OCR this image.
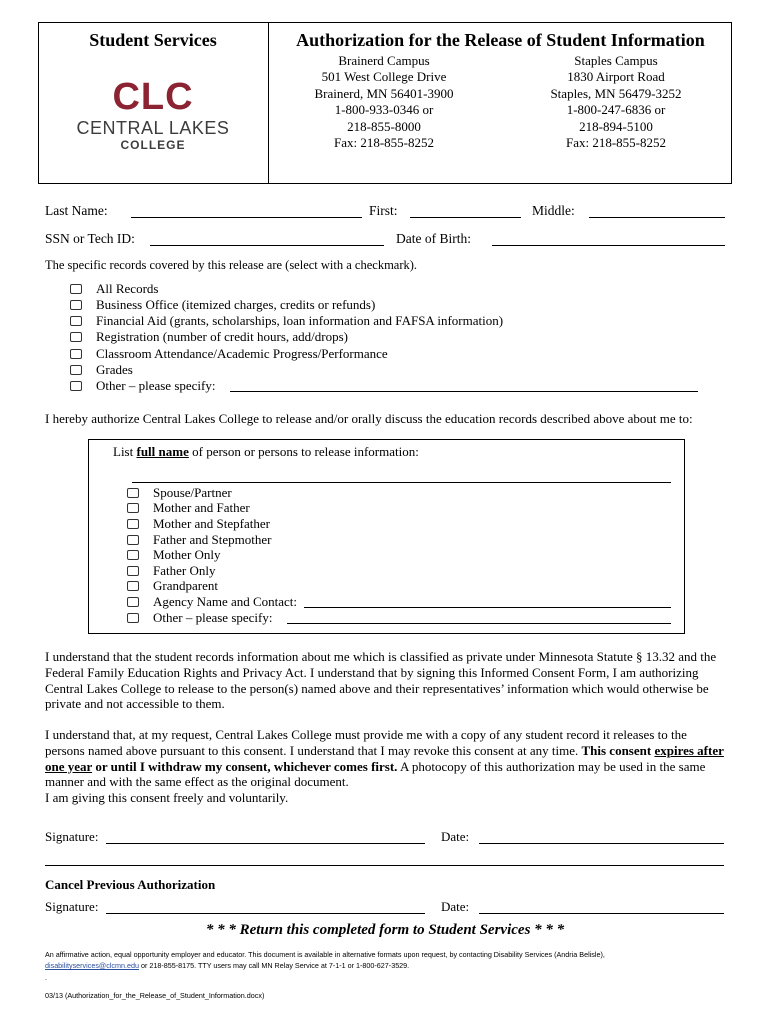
Student Services	Authorization for the Release of Student Information
CLC
CENTRAL LAKES
COLLEGE
Brainerd Campus
501 West College Drive
Brainerd, MN 56401-3900
1-800-933-0346 or
218-855-8000
Fax: 218-855-8252
Staples Campus
1830 Airport Road
Staples, MN 56479-3252
1-800-247-6836 or
218-894-5100
Fax: 218-855-8252
Last Name:	First:	Middle:
SSN or Tech ID:	Date of Birth:
The specific records covered by this release are (select with a checkmark).
All Records
Business Office (itemized charges, credits or refunds)
Financial Aid (grants, scholarships, loan information and FAFSA information)
Registration (number of credit hours, add/drops)
Classroom Attendance/Academic Progress/Performance
Grades
Other – please specify:
I hereby authorize Central Lakes College to release and/or orally discuss the education records described above about me to:
List full name of person or persons to release information:
Spouse/Partner
Mother and Father
Mother and Stepfather
Father and Stepmother
Mother Only
Father Only
Grandparent
Agency Name and Contact:
Other – please specify:
I understand that the student records information about me which is classified as private under Minnesota Statute § 13.32 and the Federal Family Education Rights and Privacy Act. I understand that by signing this Informed Consent Form, I am authorizing Central Lakes College to release to the person(s) named above and their representatives’ information which would otherwise be private and not accessible to them.
I understand that, at my request, Central Lakes College must provide me with a copy of any student record it releases to the persons named above pursuant to this consent. I understand that I may revoke this consent at any time. This consent expires after one year or until I withdraw my consent, whichever comes first. A photocopy of this authorization may be used in the same manner and with the same effect as the original document.
I am giving this consent freely and voluntarily.
Signature:	Date:
Cancel Previous Authorization
Signature:	Date:
* * * Return this completed form to Student Services * * *
An affirmative action, equal opportunity employer and educator. This document is available in alternative formats upon request, by contacting Disability Services (Andria Belisle),
disabilityservices@clcmn.edu or 218-855-8175. TTY users may call MN Relay Service at 7-1-1 or 1-800-627-3529.
.
03/13 (Authorization_for_the_Release_of_Student_Information.docx)
